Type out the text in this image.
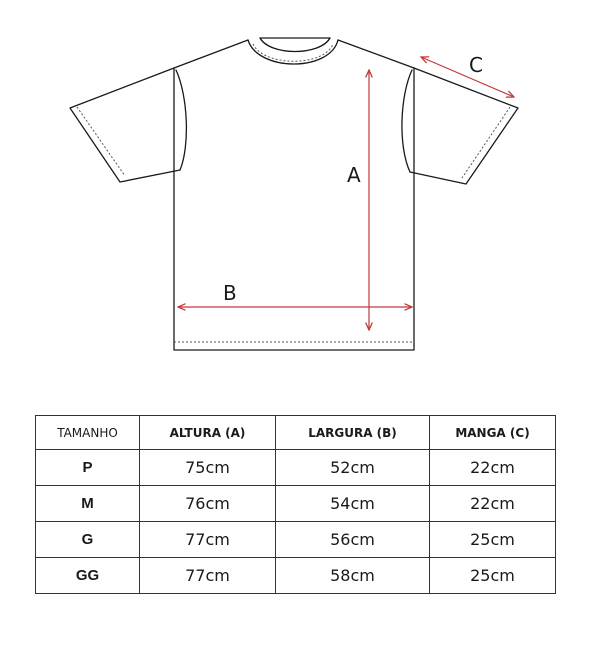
A
B
C
TAMANHO	ALTURA (A)	LARGURA (B)	MANGA (C)
P	75cm	52cm	22cm
M	76cm	54cm	22cm
G	77cm	56cm	25cm
GG	77cm	58cm	25cm
